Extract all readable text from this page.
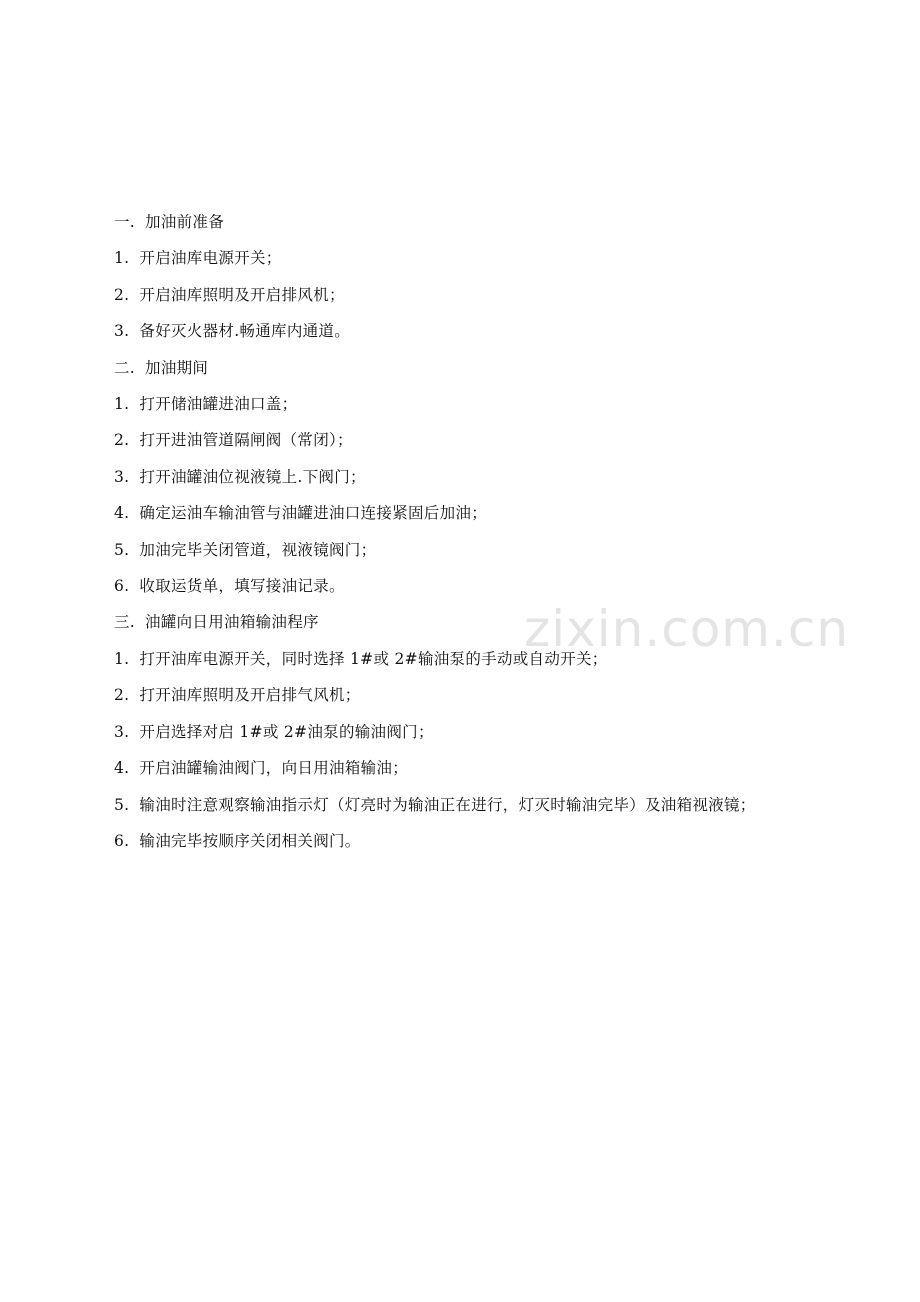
zixin.com.cn
一. 加油前准备
1. 开启油库电源开关；
2. 开启油库照明及开启排风机；
3. 备好灭火器材.畅通库内通道。
二. 加油期间
1. 打开储油罐进油口盖；
2. 打开进油管道隔闸阀（常闭）；
3. 打开油罐油位视液镜上.下阀门；
4. 确定运油车输油管与油罐进油口连接紧固后加油；
5. 加油完毕关闭管道，视液镜阀门；
6. 收取运货单，填写接油记录。
三. 油罐向日用油箱输油程序
1. 打开油库电源开关，同时选择 1#或 2#输油泵的手动或自动开关；
2. 打开油库照明及开启排气风机；
3. 开启选择对启 1#或 2#油泵的输油阀门；
4. 开启油罐输油阀门，向日用油箱输油；
5. 输油时注意观察输油指示灯（灯亮时为输油正在进行，灯灭时输油完毕）及油箱视液镜；
6. 输油完毕按顺序关闭相关阀门。
